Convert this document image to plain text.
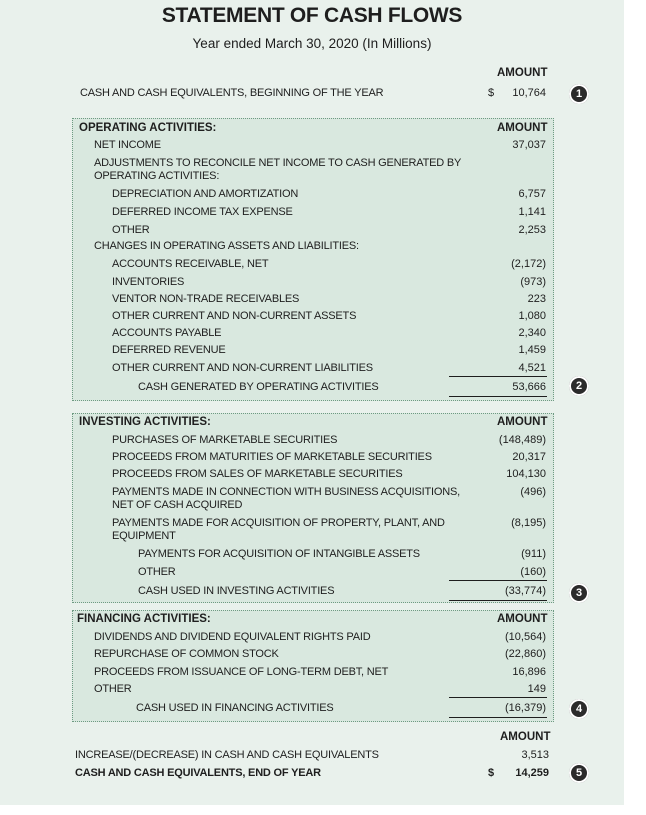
STATEMENT OF CASH FLOWS
Year ended March 30, 2020 (In Millions)
AMOUNT
CASH AND CASH EQUIVALENTS, BEGINNING OF THE YEAR	$	10,764	1
OPERATING ACTIVITIES:	AMOUNT
NET INCOME	37,037
ADJUSTMENTS TO RECONCILE NET INCOME TO CASH GENERATED BY
OPERATING ACTIVITIES:
DEPRECIATION AND AMORTIZATION	6,757
DEFERRED INCOME TAX EXPENSE	1,141
OTHER	2,253
CHANGES IN OPERATING ASSETS AND LIABILITIES:
ACCOUNTS RECEIVABLE, NET	(2,172)
INVENTORIES	(973)
VENTOR NON-TRADE RECEIVABLES	223
OTHER CURRENT AND NON-CURRENT ASSETS	1,080
ACCOUNTS PAYABLE	2,340
DEFERRED REVENUE	1,459
OTHER CURRENT AND NON-CURRENT LIABILITIES	4,521
CASH GENERATED BY OPERATING ACTIVITIES	53,666	2
INVESTING ACTIVITIES:	AMOUNT
PURCHASES OF MARKETABLE SECURITIES	(148,489)
PROCEEDS FROM MATURITIES OF MARKETABLE SECURITIES	20,317
PROCEEDS FROM SALES OF MARKETABLE SECURITIES	104,130
PAYMENTS MADE IN CONNECTION WITH BUSINESS ACQUISITIONS,
NET OF CASH ACQUIRED
(496)
PAYMENTS MADE FOR ACQUISITION OF PROPERTY, PLANT, AND
EQUIPMENT
(8,195)
PAYMENTS FOR ACQUISITION OF INTANGIBLE ASSETS	(911)
OTHER	(160)
CASH USED IN INVESTING ACTIVITIES	(33,774)	3
FINANCING ACTIVITIES:	AMOUNT
DIVIDENDS AND DIVIDEND EQUIVALENT RIGHTS PAID	(10,564)
REPURCHASE OF COMMON STOCK	(22,860)
PROCEEDS FROM ISSUANCE OF LONG-TERM DEBT, NET	16,896
OTHER	149
CASH USED IN FINANCING ACTIVITIES	(16,379)	4
AMOUNT
INCREASE/(DECREASE) IN CASH AND CASH EQUIVALENTS	3,513
CASH AND CASH EQUIVALENTS, END OF YEAR	$	14,259	5
